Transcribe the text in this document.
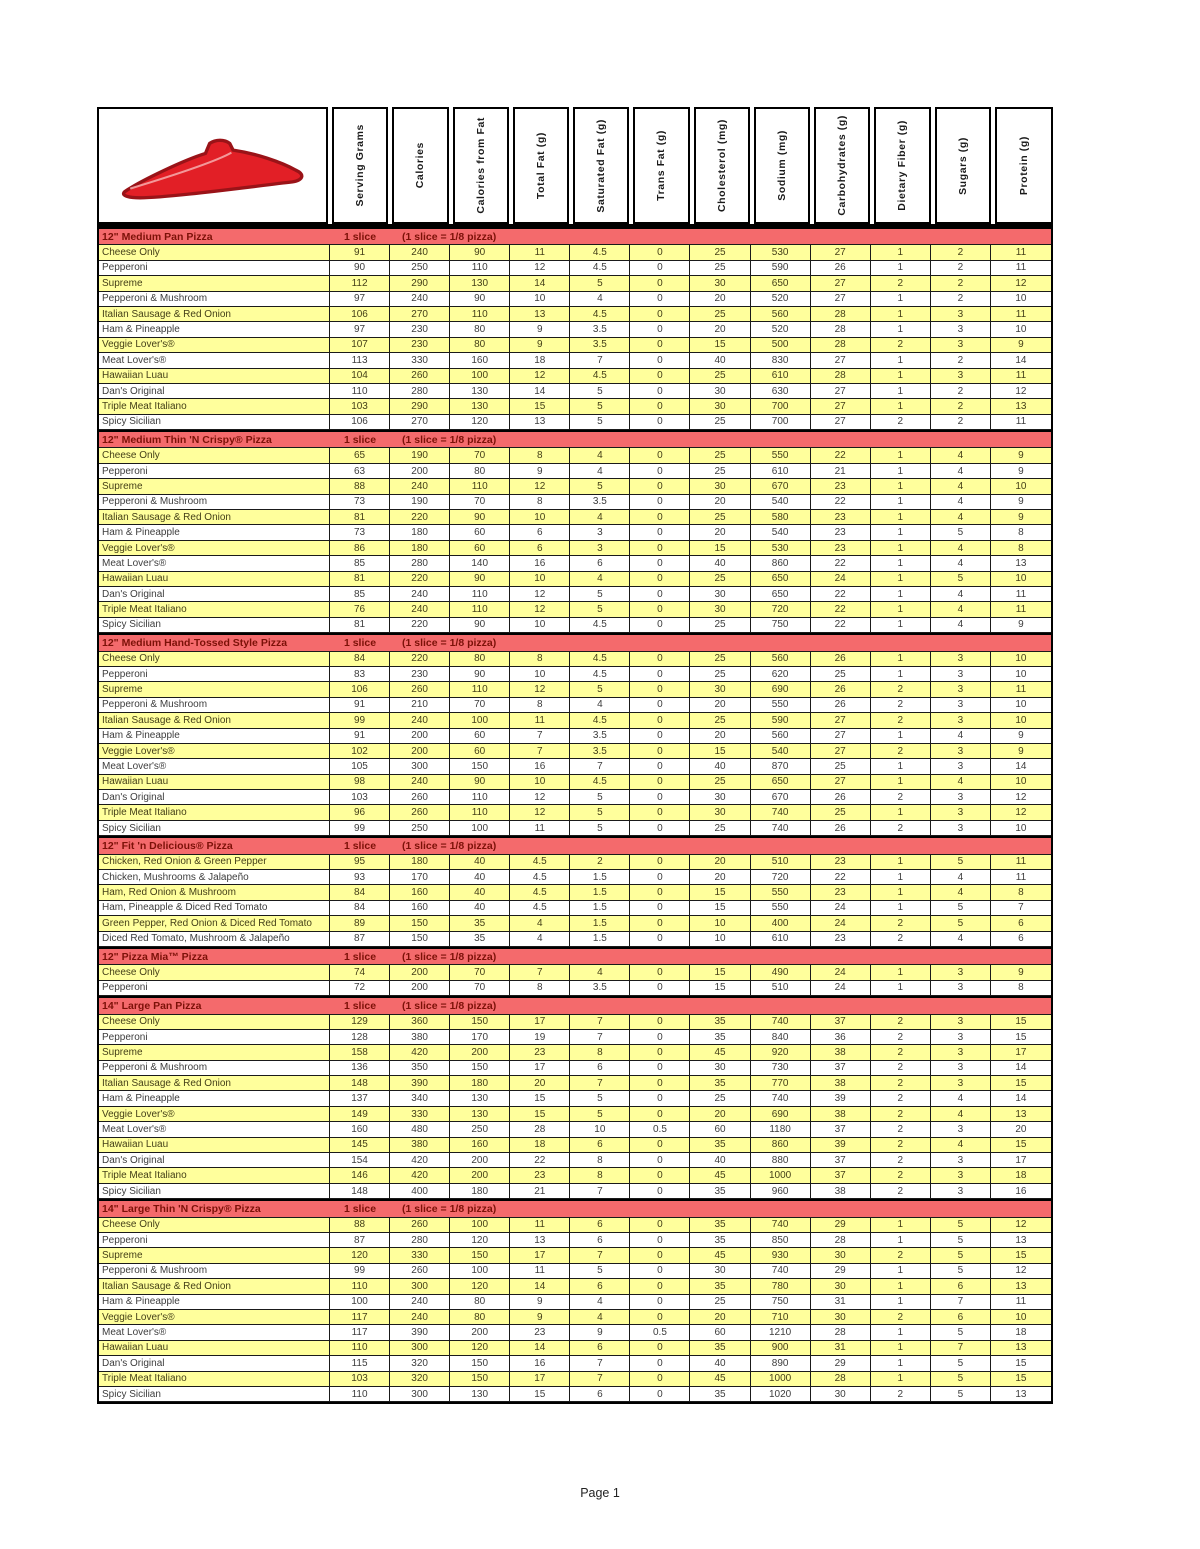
Serving Grams	Calories	Calories from Fat	Total Fat (g)	Saturated Fat (g)	Trans Fat (g)	Cholesterol (mg)	Sodium (mg)	Carbohydrates (g)	Dietary Fiber (g)	Sugars (g)	Protein (g)
12" Medium Pan Pizza	1 slice	(1 slice = 1/8 pizza)
Cheese Only	91	240	90	11	4.5	0	25	530	27	1	2	11
Pepperoni	90	250	110	12	4.5	0	25	590	26	1	2	11
Supreme	112	290	130	14	5	0	30	650	27	2	2	12
Pepperoni & Mushroom	97	240	90	10	4	0	20	520	27	1	2	10
Italian Sausage & Red Onion	106	270	110	13	4.5	0	25	560	28	1	3	11
Ham & Pineapple	97	230	80	9	3.5	0	20	520	28	1	3	10
Veggie Lover's®	107	230	80	9	3.5	0	15	500	28	2	3	9
Meat Lover's®	113	330	160	18	7	0	40	830	27	1	2	14
Hawaiian Luau	104	260	100	12	4.5	0	25	610	28	1	3	11
Dan's Original	110	280	130	14	5	0	30	630	27	1	2	12
Triple Meat Italiano	103	290	130	15	5	0	30	700	27	1	2	13
Spicy Sicilian	106	270	120	13	5	0	25	700	27	2	2	11
12" Medium Thin 'N Crispy® Pizza	1 slice	(1 slice = 1/8 pizza)
Cheese Only	65	190	70	8	4	0	25	550	22	1	4	9
Pepperoni	63	200	80	9	4	0	25	610	21	1	4	9
Supreme	88	240	110	12	5	0	30	670	23	1	4	10
Pepperoni & Mushroom	73	190	70	8	3.5	0	20	540	22	1	4	9
Italian Sausage & Red Onion	81	220	90	10	4	0	25	580	23	1	4	9
Ham & Pineapple	73	180	60	6	3	0	20	540	23	1	5	8
Veggie Lover's®	86	180	60	6	3	0	15	530	23	1	4	8
Meat Lover's®	85	280	140	16	6	0	40	860	22	1	4	13
Hawaiian Luau	81	220	90	10	4	0	25	650	24	1	5	10
Dan's Original	85	240	110	12	5	0	30	650	22	1	4	11
Triple Meat Italiano	76	240	110	12	5	0	30	720	22	1	4	11
Spicy Sicilian	81	220	90	10	4.5	0	25	750	22	1	4	9
12" Medium Hand-Tossed Style Pizza	1 slice	(1 slice = 1/8 pizza)
Cheese Only	84	220	80	8	4.5	0	25	560	26	1	3	10
Pepperoni	83	230	90	10	4.5	0	25	620	25	1	3	10
Supreme	106	260	110	12	5	0	30	690	26	2	3	11
Pepperoni & Mushroom	91	210	70	8	4	0	20	550	26	2	3	10
Italian Sausage & Red Onion	99	240	100	11	4.5	0	25	590	27	2	3	10
Ham & Pineapple	91	200	60	7	3.5	0	20	560	27	1	4	9
Veggie Lover's®	102	200	60	7	3.5	0	15	540	27	2	3	9
Meat Lover's®	105	300	150	16	7	0	40	870	25	1	3	14
Hawaiian Luau	98	240	90	10	4.5	0	25	650	27	1	4	10
Dan's Original	103	260	110	12	5	0	30	670	26	2	3	12
Triple Meat Italiano	96	260	110	12	5	0	30	740	25	1	3	12
Spicy Sicilian	99	250	100	11	5	0	25	740	26	2	3	10
12" Fit 'n Delicious® Pizza	1 slice	(1 slice = 1/8 pizza)
Chicken, Red Onion & Green Pepper	95	180	40	4.5	2	0	20	510	23	1	5	11
Chicken, Mushrooms & Jalapeño	93	170	40	4.5	1.5	0	20	720	22	1	4	11
Ham, Red Onion & Mushroom	84	160	40	4.5	1.5	0	15	550	23	1	4	8
Ham, Pineapple & Diced Red Tomato	84	160	40	4.5	1.5	0	15	550	24	1	5	7
Green Pepper, Red Onion & Diced Red Tomato	89	150	35	4	1.5	0	10	400	24	2	5	6
Diced Red Tomato, Mushroom & Jalapeño	87	150	35	4	1.5	0	10	610	23	2	4	6
12" Pizza Mia™ Pizza	1 slice	(1 slice = 1/8 pizza)
Cheese Only	74	200	70	7	4	0	15	490	24	1	3	9
Pepperoni	72	200	70	8	3.5	0	15	510	24	1	3	8
14" Large Pan Pizza	1 slice	(1 slice = 1/8 pizza)
Cheese Only	129	360	150	17	7	0	35	740	37	2	3	15
Pepperoni	128	380	170	19	7	0	35	840	36	2	3	15
Supreme	158	420	200	23	8	0	45	920	38	2	3	17
Pepperoni & Mushroom	136	350	150	17	6	0	30	730	37	2	3	14
Italian Sausage & Red Onion	148	390	180	20	7	0	35	770	38	2	3	15
Ham & Pineapple	137	340	130	15	5	0	25	740	39	2	4	14
Veggie Lover's®	149	330	130	15	5	0	20	690	38	2	4	13
Meat Lover's®	160	480	250	28	10	0.5	60	1180	37	2	3	20
Hawaiian Luau	145	380	160	18	6	0	35	860	39	2	4	15
Dan's Original	154	420	200	22	8	0	40	880	37	2	3	17
Triple Meat Italiano	146	420	200	23	8	0	45	1000	37	2	3	18
Spicy Sicilian	148	400	180	21	7	0	35	960	38	2	3	16
14" Large Thin 'N Crispy® Pizza	1 slice	(1 slice = 1/8 pizza)
Cheese Only	88	260	100	11	6	0	35	740	29	1	5	12
Pepperoni	87	280	120	13	6	0	35	850	28	1	5	13
Supreme	120	330	150	17	7	0	45	930	30	2	5	15
Pepperoni & Mushroom	99	260	100	11	5	0	30	740	29	1	5	12
Italian Sausage & Red Onion	110	300	120	14	6	0	35	780	30	1	6	13
Ham & Pineapple	100	240	80	9	4	0	25	750	31	1	7	11
Veggie Lover's®	117	240	80	9	4	0	20	710	30	2	6	10
Meat Lover's®	117	390	200	23	9	0.5	60	1210	28	1	5	18
Hawaiian Luau	110	300	120	14	6	0	35	900	31	1	7	13
Dan's Original	115	320	150	16	7	0	40	890	29	1	5	15
Triple Meat Italiano	103	320	150	17	7	0	45	1000	28	1	5	15
Spicy Sicilian	110	300	130	15	6	0	35	1020	30	2	5	13
Page 1
